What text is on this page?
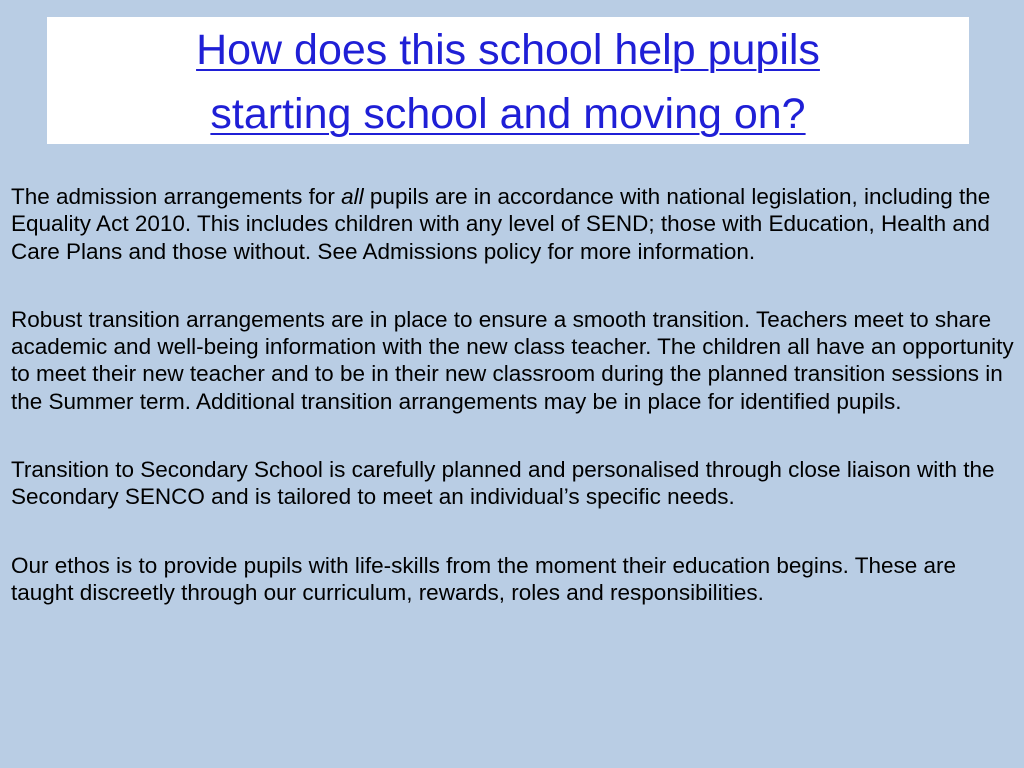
How does this school help pupils
starting school and moving on?

The admission arrangements for all pupils are in accordance with national legislation, including the Equality Act 2010. This includes children with any level of SEND; those with Education, Health and Care Plans and those without. See Admissions policy for more information.

Robust transition arrangements are in place to ensure a smooth transition. Teachers meet to share academic and well-being information with the new class teacher. The children all have an opportunity to meet their new teacher and to be in their new classroom during the planned transition sessions in the Summer term. Additional transition arrangements may be in place for identified pupils.

Transition to Secondary School is carefully planned and personalised through close liaison with the Secondary SENCO and is tailored to meet an individual’s specific needs.

Our ethos is to provide pupils with life-skills from the moment their education begins. These are taught discreetly through our curriculum, rewards, roles and responsibilities.
